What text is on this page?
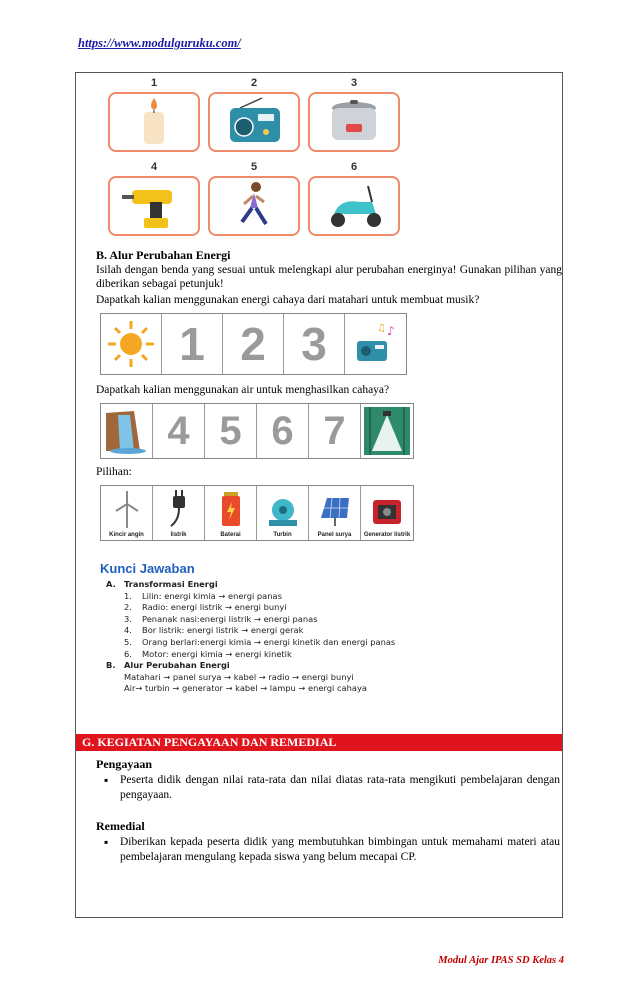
https://www.modulguruku.com/
1	2	3
4	5	6
B. Alur Perubahan Energi
Isilah dengan benda yang sesuai untuk melengkapi alur perubahan energinya! Gunakan pilihan yang diberikan sebagai petunjuk!
Dapatkah kalian menggunakan energi cahaya dari matahari untuk membuat musik?
1 2 3	♪
♫
Dapatkah kalian menggunakan air untuk menghasilkan cahaya?
4 5 6 7
Pilihan:
Kincir angin	listrik	Baterai	Turbin	Panel surya	Generator listrik
Kunci Jawaban
A. Transformasi Energi
1.	Lilin: energi kimia → energi panas
2.	Radio: energi listrik → energi bunyi
3.	Penanak nasi:energi listrik → energi panas
4.	Bor listrik: energi listrik → energi gerak
5.	Orang berlari:energi kimia → energi kinetik dan energi panas
6.	Motor: energi kimia → energi kinetik
B.	Alur Perubahan Energi
Matahari → panel surya → kabel → radio → energi bunyi
Air→ turbin → generator → kabel → lampu → energi cahaya
G. KEGIATAN PENGAYAAN DAN REMEDIAL
Pengayaan
▪ Peserta didik dengan nilai rata-rata dan nilai diatas rata-rata mengikuti pembelajaran dengan pengayaan.
Remedial
▪ Diberikan kepada peserta didik yang membutuhkan bimbingan untuk memahami materi atau pembelajaran mengulang kepada siswa yang belum mecapai CP.
Modul Ajar IPAS SD Kelas 4
